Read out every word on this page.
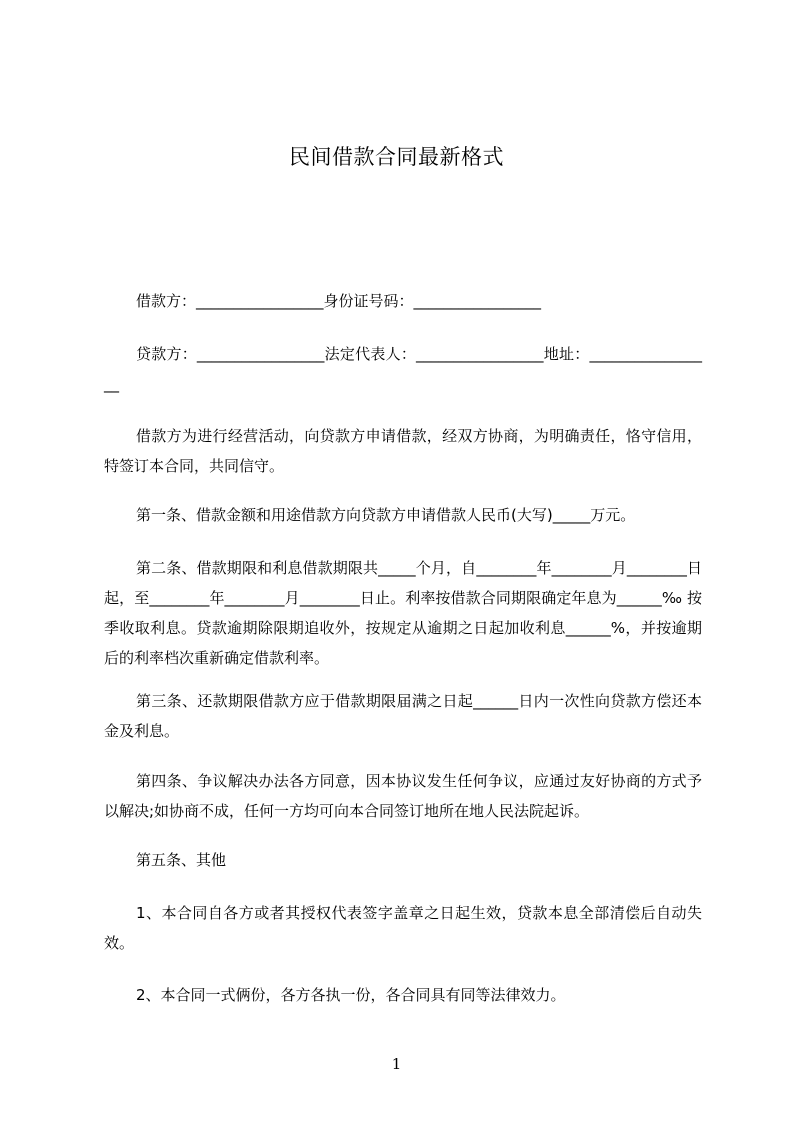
民间借款合同最新格式

借款方：_________________身份证号码：_________________

贷款方：_________________法定代表人：_________________地址：_________________

借款方为进行经营活动，向贷款方申请借款，经双方协商，为明确责任，恪守信用，特签订本合同，共同信守。

第一条、借款金额和用途借款方向贷款方申请借款人民币(大写)_____万元。

第二条、借款期限和利息借款期限共_____个月，自________年________月________日起，至________年________月________日止。利率按借款合同期限确定年息为______‰ 按季收取利息。贷款逾期除限期追收外，按规定从逾期之日起加收利息______%，并按逾期后的利率档次重新确定借款利率。

第三条、还款期限借款方应于借款期限届满之日起______日内一次性向贷款方偿还本金及利息。

第四条、争议解决办法各方同意，因本协议发生任何争议，应通过友好协商的方式予以解决;如协商不成，任何一方均可向本合同签订地所在地人民法院起诉。

第五条、其他

1、本合同自各方或者其授权代表签字盖章之日起生效，贷款本息全部清偿后自动失效。

2、本合同一式俩份，各方各执一份，各合同具有同等法律效力。

1
